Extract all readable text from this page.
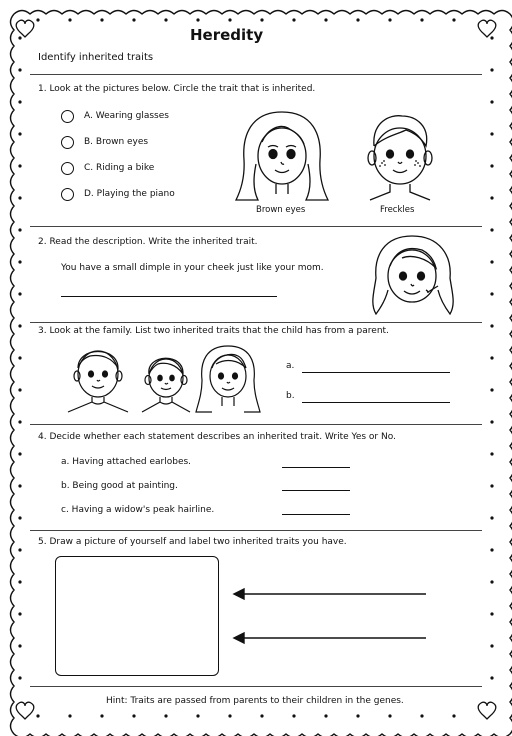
Heredity
Identify inherited traits
1. Look at the pictures below. Circle the trait that is inherited.
A. Wearing glasses
B. Brown eyes
C. Riding a bike
D. Playing the piano
Brown eyes	Freckles
2. Read the description. Write the inherited trait.
You have a small dimple in your cheek just like your mom.
3. Look at the family. List two inherited traits that the child has from a parent.
a.
b.
4. Decide whether each statement describes an inherited trait. Write Yes or No.
a. Having attached earlobes.
b. Being good at painting.
c. Having a widow's peak hairline.
5. Draw a picture of yourself and label two inherited traits you have.
Hint: Traits are passed from parents to their children in the genes.
